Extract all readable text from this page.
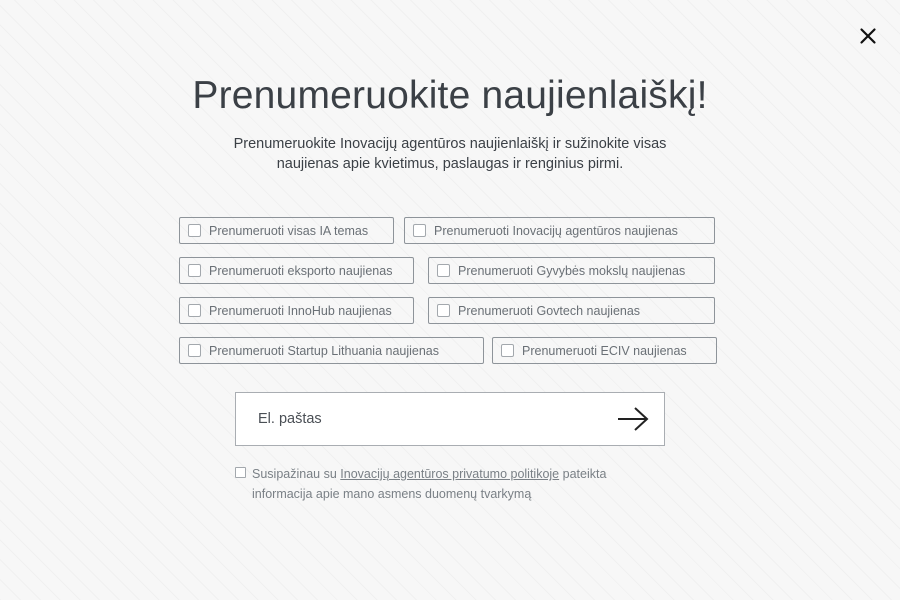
Prenumeruokite naujienlaiškį!

Prenumeruokite Inovacijų agentūros naujienlaiškį ir sužinokite visas
naujienas apie kvietimus, paslaugas ir renginius pirmi.

Prenumeruoti visas IA temas	Prenumeruoti Inovacijų agentūros naujienas
Prenumeruoti eksporto naujienas	Prenumeruoti Gyvybės mokslų naujienas
Prenumeruoti InnoHub naujienas	Prenumeruoti Govtech naujienas
Prenumeruoti Startup Lithuania naujienas	Prenumeruoti ECIV naujienas
El. paštas
Susipažinau su Inovacijų agentūros privatumo politikoje pateikta
informacija apie mano asmens duomenų tvarkymą
